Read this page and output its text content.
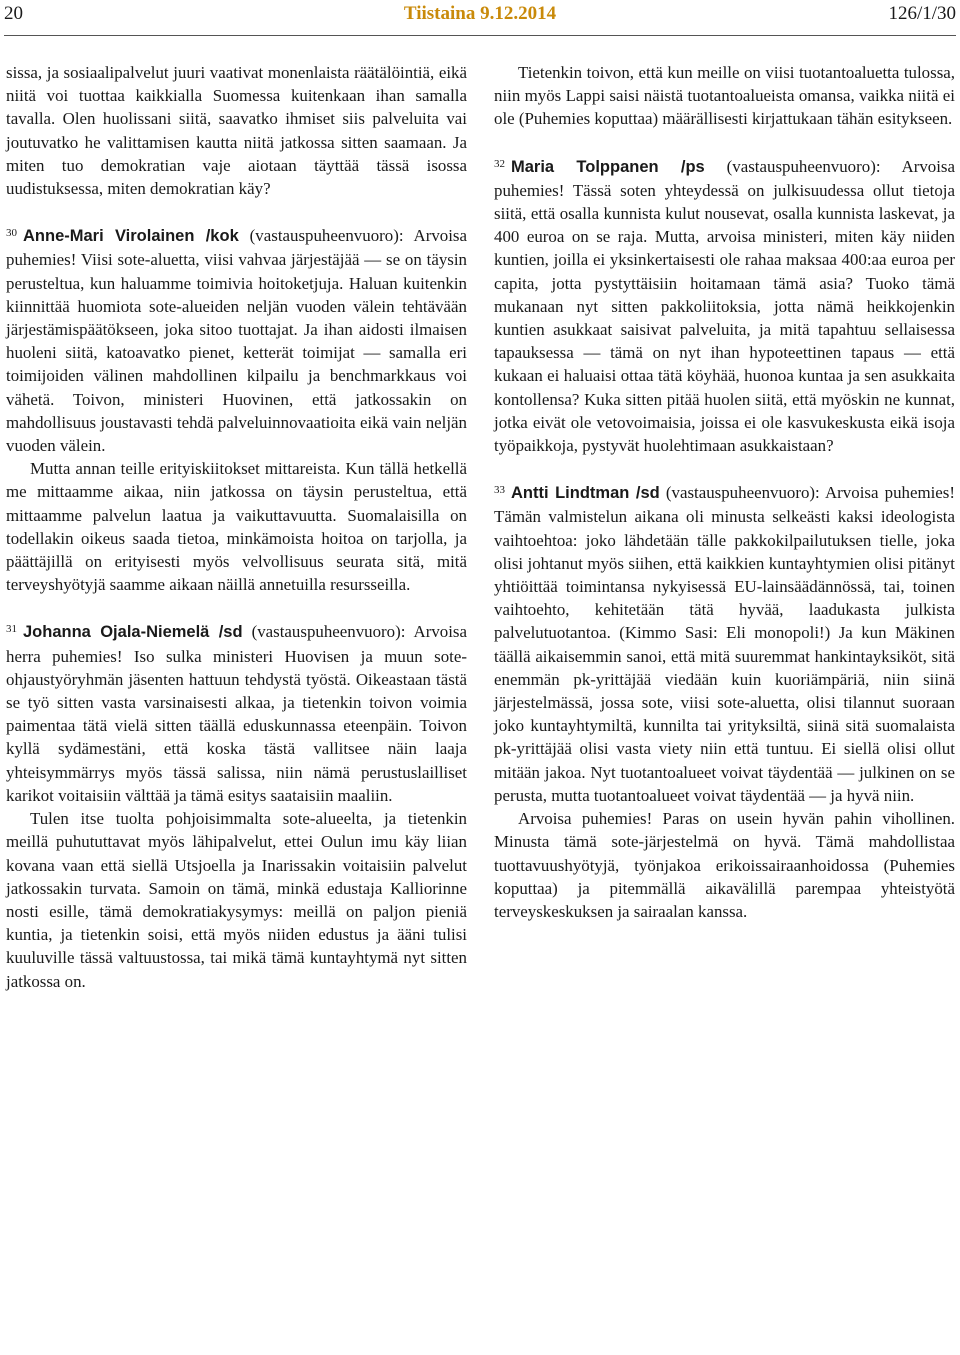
20	Tiistaina 9.12.2014	126/1/30

sissa, ja sosiaalipalvelut juuri vaativat monenlaista räätälöintiä, eikä niitä voi tuottaa kaikkialla Suomessa kuitenkaan ihan samalla tavalla. Olen huolissani siitä, saavatko ihmiset siis palveluita vai joutuvatko he valittamisen kautta niitä jatkossa sitten saamaan. Ja miten tuo demokratian vaje aiotaan täyttää tässä isossa uudistuksessa, miten demokratian käy?

$^{30}$ Anne-Mari Virolainen /kok (vastauspuheenvuoro): Arvoisa puhemies! Viisi sote-aluetta, viisi vahvaa järjestäjää — se on täysin perusteltua, kun haluamme toimivia hoitoketjuja. Haluan kuitenkin kiinnittää huomiota sote-alueiden neljän vuoden välein tehtävään järjestämispäätökseen, joka sitoo tuottajat. Ja ihan aidosti ilmaisen huoleni siitä, katoavatko pienet, ketterät toimijat — samalla eri toimijoiden välinen mahdollinen kilpailu ja benchmarkkaus voi vähetä. Toivon, ministeri Huovinen, että jatkossakin on mahdollisuus joustavasti tehdä palveluinnovaatioita eikä vain neljän vuoden välein.

Mutta annan teille erityiskiitokset mittareista. Kun tällä hetkellä me mittaamme aikaa, niin jatkossa on täysin perusteltua, että mittaamme palvelun laatua ja vaikuttavuutta. Suomalaisilla on todellakin oikeus saada tietoa, minkämoista hoitoa on tarjolla, ja päättäjillä on erityisesti myös velvollisuus seurata sitä, mitä terveyshyötyjä saamme aikaan näillä annetuilla resursseilla.

$^{31}$ Johanna Ojala-Niemelä /sd (vastauspuheenvuoro): Arvoisa herra puhemies! Iso sulka ministeri Huovisen ja muun sote-ohjaustyöryhmän jäsenten hattuun tehdystä työstä. Oikeastaan tästä se työ sitten vasta varsinaisesti alkaa, ja tietenkin toivon voimia paimentaa tätä vielä sitten täällä eduskunnassa eteenpäin. Toivon kyllä sydämestäni, että koska tästä vallitsee näin laaja yhteisymmärrys myös tässä salissa, niin nämä perustuslailliset karikot voitaisiin välttää ja tämä esitys saataisiin maaliin.

Tulen itse tuolta pohjoisimmalta sote-alueelta, ja tietenkin meillä puhututtavat myös lähipalvelut, ettei Oulun imu käy liian kovana vaan että siellä Utsjoella ja Inarissakin voitaisiin palvelut jatkossakin turvata. Samoin on tämä, minkä edustaja Kalliorinne nosti esille, tämä demokratiakysymys: meillä on paljon pieniä kuntia, ja tietenkin soisi, että myös niiden edustus ja ääni tulisi kuuluville tässä valtuustossa, tai mikä tämä kuntayhtymä nyt sitten jatkossa on.

Tietenkin toivon, että kun meille on viisi tuotantoaluetta tulossa, niin myös Lappi saisi näistä tuotantoalueista omansa, vaikka niitä ei ole (Puhemies koputtaa) määrällisesti kirjattukaan tähän esitykseen.

$^{32}$ Maria Tolppanen /ps (vastauspuheenvuoro): Arvoisa puhemies! Tässä soten yhteydessä on julkisuudessa ollut tietoja siitä, että osalla kunnista kulut nousevat, osalla kunnista laskevat, ja 400 euroa on se raja. Mutta, arvoisa ministeri, miten käy niiden kuntien, joilla ei yksinkertaisesti ole rahaa maksaa 400:aa euroa per capita, jotta pystyttäisiin hoitamaan tämä asia? Tuoko tämä mukanaan nyt sitten pakkoliitoksia, jotta nämä heikkojenkin kuntien asukkaat saisivat palveluita, ja mitä tapahtuu sellaisessa tapauksessa — tämä on nyt ihan hypoteettinen tapaus — että kukaan ei haluaisi ottaa tätä köyhää, huonoa kuntaa ja sen asukkaita kontollensa? Kuka sitten pitää huolen siitä, että myöskin ne kunnat, jotka eivät ole vetovoimaisia, joissa ei ole kasvukeskusta eikä isoja työpaikkoja, pystyvät huolehtimaan asukkaistaan?

$^{33}$ Antti Lindtman /sd (vastauspuheenvuoro): Arvoisa puhemies! Tämän valmistelun aikana oli minusta selkeästi kaksi ideologista vaihtoehtoa: joko lähdetään tälle pakkokilpailutuksen tielle, joka olisi johtanut myös siihen, että kaikkien kuntayhtymien olisi pitänyt yhtiöittää toimintansa nykyisessä EU-lainsäädännössä, tai, toinen vaihtoehto, kehitetään tätä hyvää, laadukasta julkista palvelutuotantoa. (Kimmo Sasi: Eli monopoli!) Ja kun Mäkinen täällä aikaisemmin sanoi, että mitä suuremmat hankintayksiköt, sitä enemmän pk-yrittäjää viedään kuin kuoriämpäriä, niin siinä järjestelmässä, jossa sote, viisi sote-aluetta, olisi tilannut suoraan joko kuntayhtymiltä, kunnilta tai yrityksiltä, siinä sitä suomalaista pk-yrittäjää olisi vasta viety niin että tuntuu. Ei siellä olisi ollut mitään jakoa. Nyt tuotantoalueet voivat täydentää — julkinen on se perusta, mutta tuotantoalueet voivat täydentää — ja hyvä niin.

Arvoisa puhemies! Paras on usein hyvän pahin vihollinen. Minusta tämä sote-järjestelmä on hyvä. Tämä mahdollistaa tuottavuushyötyjä, työnjakoa erikoissairaanhoidossa (Puhemies koputtaa) ja pitemmällä aikavälillä parempaa yhteistyötä terveyskeskuksen ja sairaalan kanssa.
